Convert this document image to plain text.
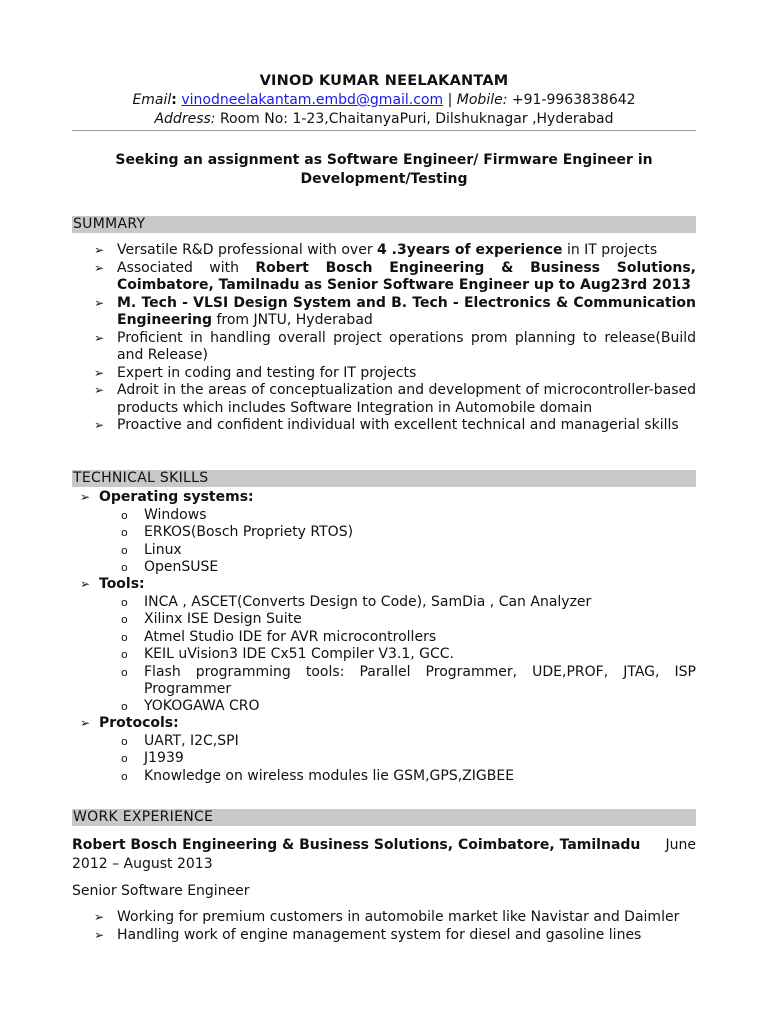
VINOD KUMAR NEELAKANTAM
Email: vinodneelakantam.embd@gmail.com | Mobile: +91-9963838642
Address: Room No: 1-23,ChaitanyaPuri, Dilshuknagar ,Hyderabad
Seeking an assignment as Software Engineer/ Firmware Engineer in Development/Testing
SUMMARY
➢ Versatile R&D professional with over 4 .3years of experience in IT projects
➢ Associated with Robert Bosch Engineering & Business Solutions, Coimbatore, Tamilnadu as Senior Software Engineer up to Aug23rd 2013
➢ M. Tech - VLSI Design System and B. Tech - Electronics & Communication Engineering from JNTU, Hyderabad
➢ Proficient in handling overall project operations prom planning to release(Build and Release)
➢ Expert in coding and testing for IT projects
➢ Adroit in the areas of conceptualization and development of microcontroller-based products which includes Software Integration in Automobile domain
➢ Proactive and confident individual with excellent technical and managerial skills
TECHNICAL SKILLS
➢ Operating systems:
o Windows
o ERKOS(Bosch Propriety RTOS)
o Linux
o OpenSUSE
➢ Tools:
o INCA , ASCET(Converts Design to Code), SamDia , Can Analyzer
o Xilinx ISE Design Suite
o Atmel Studio IDE for AVR microcontrollers
o KEIL uVision3 IDE Cx51 Compiler V3.1, GCC.
o Flash programming tools: Parallel Programmer, UDE,PROF, JTAG, ISP Programmer
o YOKOGAWA CRO
➢ Protocols:
o UART, I2C,SPI
o J1939
o Knowledge on wireless modules lie GSM,GPS,ZIGBEE
WORK EXPERIENCE
Robert Bosch Engineering & Business Solutions, Coimbatore, Tamilnadu June

2012 – August 2013
Senior Software Engineer
➢ Working for premium customers in automobile market like Navistar and Daimler
➢ Handling work of engine management system for diesel and gasoline lines
